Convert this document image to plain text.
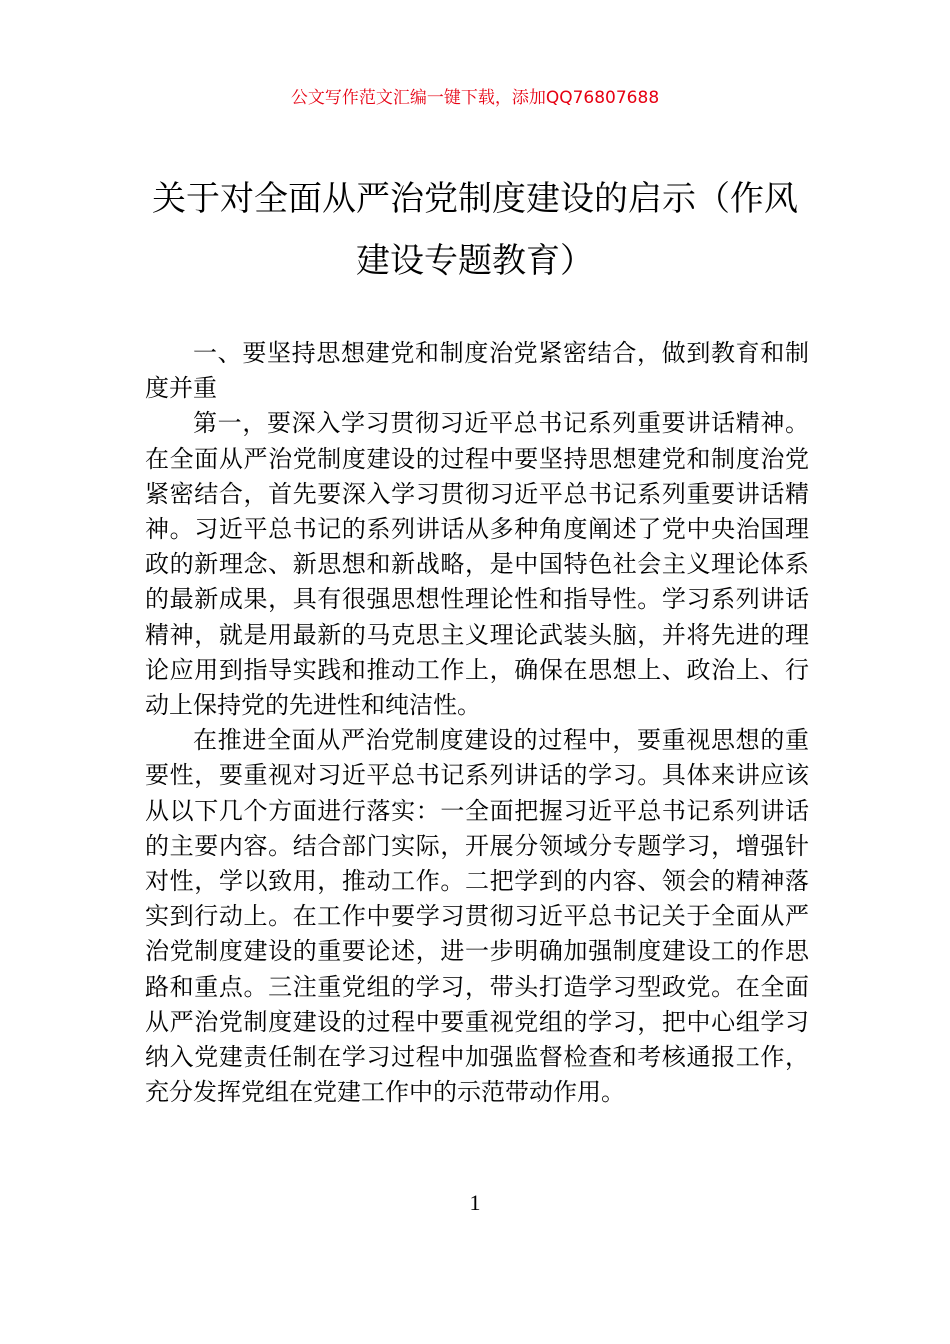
公文写作范文汇编一键下载，添加QQ76807688
关于对全面从严治党制度建设的启示（作风建设专题教育）

一、要坚持思想建党和制度治党紧密结合，做到教育和制度并重

第一，要深入学习贯彻习近平总书记系列重要讲话精神。在全面从严治党制度建设的过程中要坚持思想建党和制度治党紧密结合，首先要深入学习贯彻习近平总书记系列重要讲话精神。习近平总书记的系列讲话从多种角度阐述了党中央治国理政的新理念、新思想和新战略，是中国特色社会主义理论体系的最新成果，具有很强思想性理论性和指导性。学习系列讲话精神，就是用最新的马克思主义理论武装头脑，并将先进的理论应用到指导实践和推动工作上，确保在思想上、政治上、行动上保持党的先进性和纯洁性。

在推进全面从严治党制度建设的过程中，要重视思想的重要性，要重视对习近平总书记系列讲话的学习。具体来讲应该从以下几个方面进行落实：一全面把握习近平总书记系列讲话的主要内容。结合部门实际，开展分领域分专题学习，增强针对性，学以致用，推动工作。二把学到的内容、领会的精神落实到行动上。在工作中要学习贯彻习近平总书记关于全面从严治党制度建设的重要论述，进一步明确加强制度建设工的作思路和重点。三注重党组的学习，带头打造学习型政党。在全面从严治党制度建设的过程中要重视党组的学习，把中心组学习纳入党建责任制在学习过程中加强监督检查和考核通报工作，充分发挥党组在党建工作中的示范带动作用。

1
